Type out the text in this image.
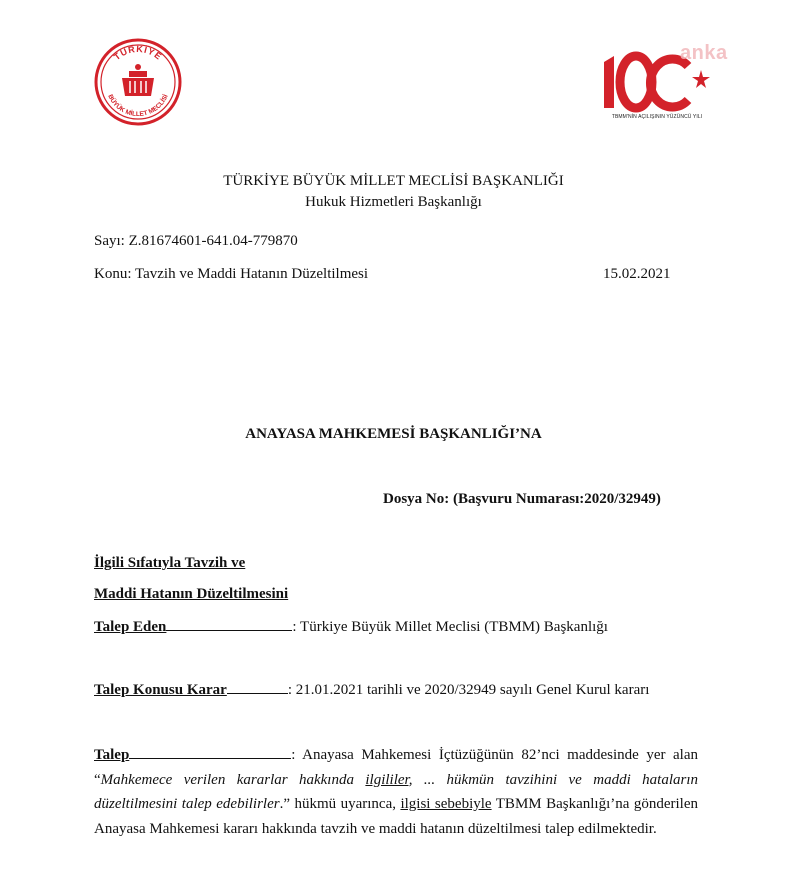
TÜRKİYE
BÜYÜK MİLLET MECLİSİ
TBMM'NİN AÇILIŞININ YÜZÜNCÜ YILI
anka
TÜRKİYE BÜYÜK MİLLET MECLİSİ BAŞKANLIĞI
Hukuk Hizmetleri Başkanlığı
Sayı: Z.81674601-641.04-779870
Konu: Tavzih ve Maddi Hatanın Düzeltilmesi	15.02.2021
ANAYASA MAHKEMESİ BAŞKANLIĞI’NA
Dosya No: (Başvuru Numarası:2020/32949)
İlgili Sıfatıyla Tavzih ve
Maddi Hatanın Düzeltilmesini
Talep Eden	: Türkiye Büyük Millet Meclisi (TBMM) Başkanlığı
Talep Konusu Karar	: 21.01.2021 tarihli ve 2020/32949 sayılı Genel Kurul kararı
Talep	: Anayasa Mahkemesi İçtüzüğünün 82’nci maddesinde yer alan “Mahkemece verilen kararlar hakkında ilgililer, ... hükmün tavzihini ve maddi hataların düzeltilmesini talep edebilirler.” hükmü uyarınca, ilgisi sebebiyle TBMM Başkanlığı’na gönderilen Anayasa Mahkemesi kararı hakkında tavzih ve maddi hatanın düzeltilmesi talep edilmektedir.
